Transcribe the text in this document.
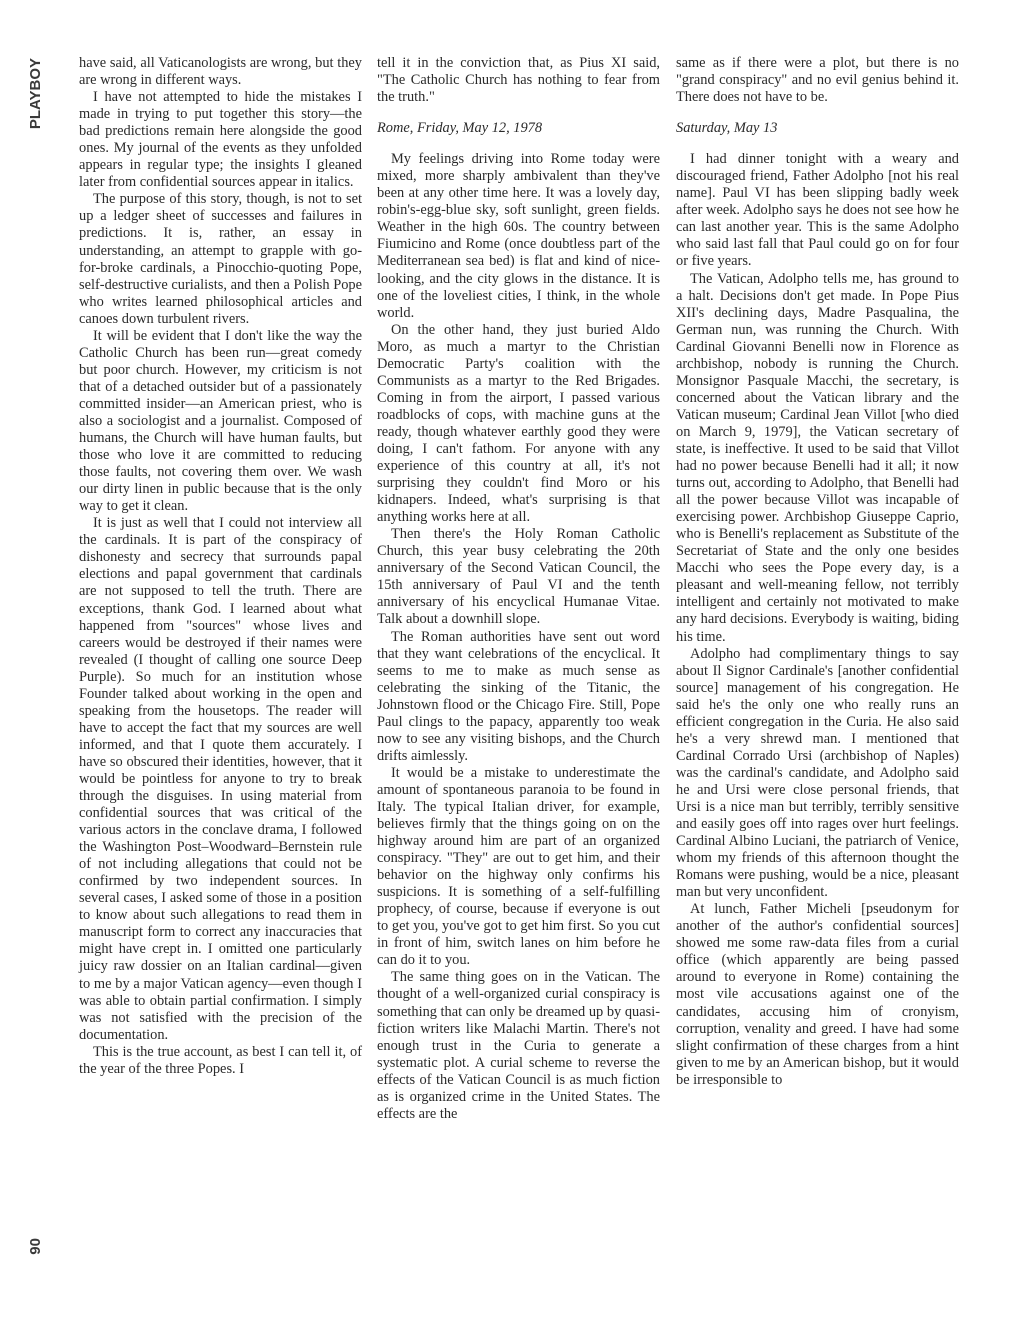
PLAYBOY
90

have said, all Vaticanologists are wrong, but they are wrong in different ways.

I have not attempted to hide the mistakes I made in trying to put together this story—the bad predictions remain here alongside the good ones. My journal of the events as they unfolded appears in regular type; the insights I gleaned later from confidential sources appear in italics.

The purpose of this story, though, is not to set up a ledger sheet of successes and failures in predictions. It is, rather, an essay in understanding, an attempt to grapple with go-for-broke cardinals, a Pinocchio-quoting Pope, self-destructive curialists, and then a Polish Pope who writes learned philosophical articles and canoes down turbulent rivers.

It will be evident that I don't like the way the Catholic Church has been run—great comedy but poor church. However, my criticism is not that of a detached outsider but of a passionately committed insider—an American priest, who is also a sociologist and a journalist. Composed of humans, the Church will have human faults, but those who love it are committed to reducing those faults, not covering them over. We wash our dirty linen in public because that is the only way to get it clean.

It is just as well that I could not interview all the cardinals. It is part of the conspiracy of dishonesty and secrecy that surrounds papal elections and papal government that cardinals are not supposed to tell the truth. There are exceptions, thank God. I learned about what happened from "sources" whose lives and careers would be destroyed if their names were revealed (I thought of calling one source Deep Purple). So much for an institution whose Founder talked about working in the open and speaking from the housetops. The reader will have to accept the fact that my sources are well informed, and that I quote them accurately. I have so obscured their identities, however, that it would be pointless for anyone to try to break through the disguises. In using material from confidential sources that was critical of the various actors in the conclave drama, I followed the Washington Post–Woodward–Bernstein rule of not including allegations that could not be confirmed by two independent sources. In several cases, I asked some of those in a position to know about such allegations to read them in manuscript form to correct any inaccuracies that might have crept in. I omitted one particularly juicy raw dossier on an Italian cardinal—given to me by a major Vatican agency—even though I was able to obtain partial confirmation. I simply was not satisfied with the precision of the documentation.

This is the true account, as best I can tell it, of the year of the three Popes. I

tell it in the conviction that, as Pius XI said, "The Catholic Church has nothing to fear from the truth."

Rome, Friday, May 12, 1978

My feelings driving into Rome today were mixed, more sharply ambivalent than they've been at any other time here. It was a lovely day, robin's-egg-blue sky, soft sunlight, green fields. Weather in the high 60s. The country between Fiumicino and Rome (once doubtless part of the Mediterranean sea bed) is flat and kind of nice-looking, and the city glows in the distance. It is one of the loveliest cities, I think, in the whole world.

On the other hand, they just buried Aldo Moro, as much a martyr to the Christian Democratic Party's coalition with the Communists as a martyr to the Red Brigades. Coming in from the airport, I passed various roadblocks of cops, with machine guns at the ready, though whatever earthly good they were doing, I can't fathom. For anyone with any experience of this country at all, it's not surprising they couldn't find Moro or his kidnapers. Indeed, what's surprising is that anything works here at all.

Then there's the Holy Roman Catholic Church, this year busy celebrating the 20th anniversary of the Second Vatican Council, the 15th anniversary of Paul VI and the tenth anniversary of his encyclical Humanae Vitae. Talk about a downhill slope.

The Roman authorities have sent out word that they want celebrations of the encyclical. It seems to me to make as much sense as celebrating the sinking of the Titanic, the Johnstown flood or the Chicago Fire. Still, Pope Paul clings to the papacy, apparently too weak now to see any visiting bishops, and the Church drifts aimlessly.

It would be a mistake to underestimate the amount of spontaneous paranoia to be found in Italy. The typical Italian driver, for example, believes firmly that the things going on on the highway around him are part of an organized conspiracy. "They" are out to get him, and their behavior on the highway only confirms his suspicions. It is something of a self-fulfilling prophecy, of course, because if everyone is out to get you, you've got to get him first. So you cut in front of him, switch lanes on him before he can do it to you.

The same thing goes on in the Vatican. The thought of a well-organized curial conspiracy is something that can only be dreamed up by quasi-fiction writers like Malachi Martin. There's not enough trust in the Curia to generate a systematic plot. A curial scheme to reverse the effects of the Vatican Council is as much fiction as is organized crime in the United States. The effects are the

same as if there were a plot, but there is no "grand conspiracy" and no evil genius behind it. There does not have to be.

Saturday, May 13

I had dinner tonight with a weary and discouraged friend, Father Adolpho [not his real name]. Paul VI has been slipping badly week after week. Adolpho says he does not see how he can last another year. This is the same Adolpho who said last fall that Paul could go on for four or five years.

The Vatican, Adolpho tells me, has ground to a halt. Decisions don't get made. In Pope Pius XII's declining days, Madre Pasqualina, the German nun, was running the Church. With Cardinal Giovanni Benelli now in Florence as archbishop, nobody is running the Church. Monsignor Pasquale Macchi, the secretary, is concerned about the Vatican library and the Vatican museum; Cardinal Jean Villot [who died on March 9, 1979], the Vatican secretary of state, is ineffective. It used to be said that Villot had no power because Benelli had it all; it now turns out, according to Adolpho, that Benelli had all the power because Villot was incapable of exercising power. Archbishop Giuseppe Caprio, who is Benelli's replacement as Substitute of the Secretariat of State and the only one besides Macchi who sees the Pope every day, is a pleasant and well-meaning fellow, not terribly intelligent and certainly not motivated to make any hard decisions. Everybody is waiting, biding his time.

Adolpho had complimentary things to say about Il Signor Cardinale's [another confidential source] management of his congregation. He said he's the only one who really runs an efficient congregation in the Curia. He also said he's a very shrewd man. I mentioned that Cardinal Corrado Ursi (archbishop of Naples) was the cardinal's candidate, and Adolpho said he and Ursi were close personal friends, that Ursi is a nice man but terribly, terribly sensitive and easily goes off into rages over hurt feelings. Cardinal Albino Luciani, the patriarch of Venice, whom my friends of this afternoon thought the Romans were pushing, would be a nice, pleasant man but very unconfident.

At lunch, Father Micheli [pseudonym for another of the author's confidential sources] showed me some raw-data files from a curial office (which apparently are being passed around to everyone in Rome) containing the most vile accusations against one of the candidates, accusing him of cronyism, corruption, venality and greed. I have had some slight confirmation of these charges from a hint given to me by an American bishop, but it would be irresponsible to
